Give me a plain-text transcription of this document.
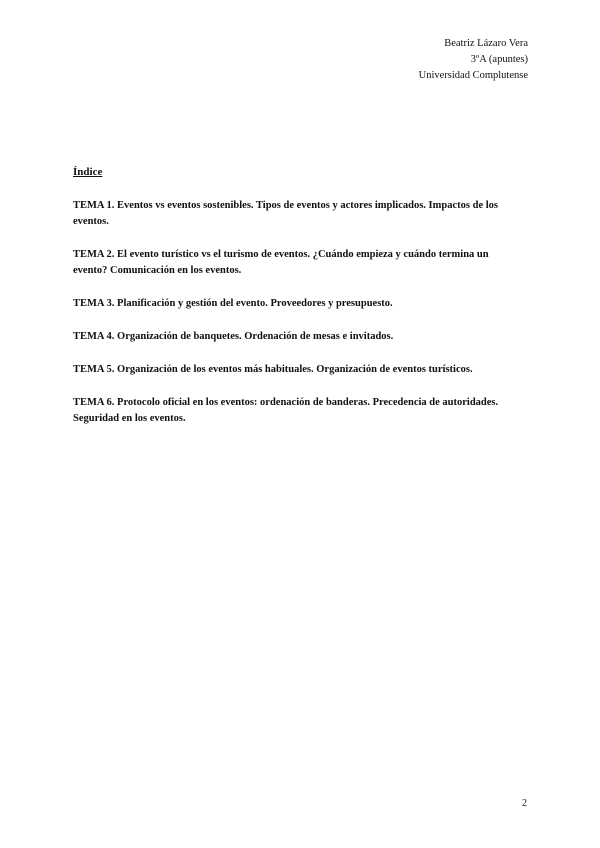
Beatriz Lázaro Vera
3ºA (apuntes)
Universidad Complutense
Índice
TEMA 1. Eventos vs eventos sostenibles. Tipos de eventos y actores implicados. Impactos de los eventos.
TEMA 2. El evento turístico vs el turismo de eventos. ¿Cuándo empieza y cuándo termina un evento? Comunicación en los eventos.
TEMA 3. Planificación y gestión del evento. Proveedores y presupuesto.
TEMA 4. Organización de banquetes. Ordenación de mesas e invitados.
TEMA 5. Organización de los eventos más habituales. Organización de eventos turísticos.
TEMA 6. Protocolo oficial en los eventos: ordenación de banderas. Precedencia de autoridades. Seguridad en los eventos.
2
